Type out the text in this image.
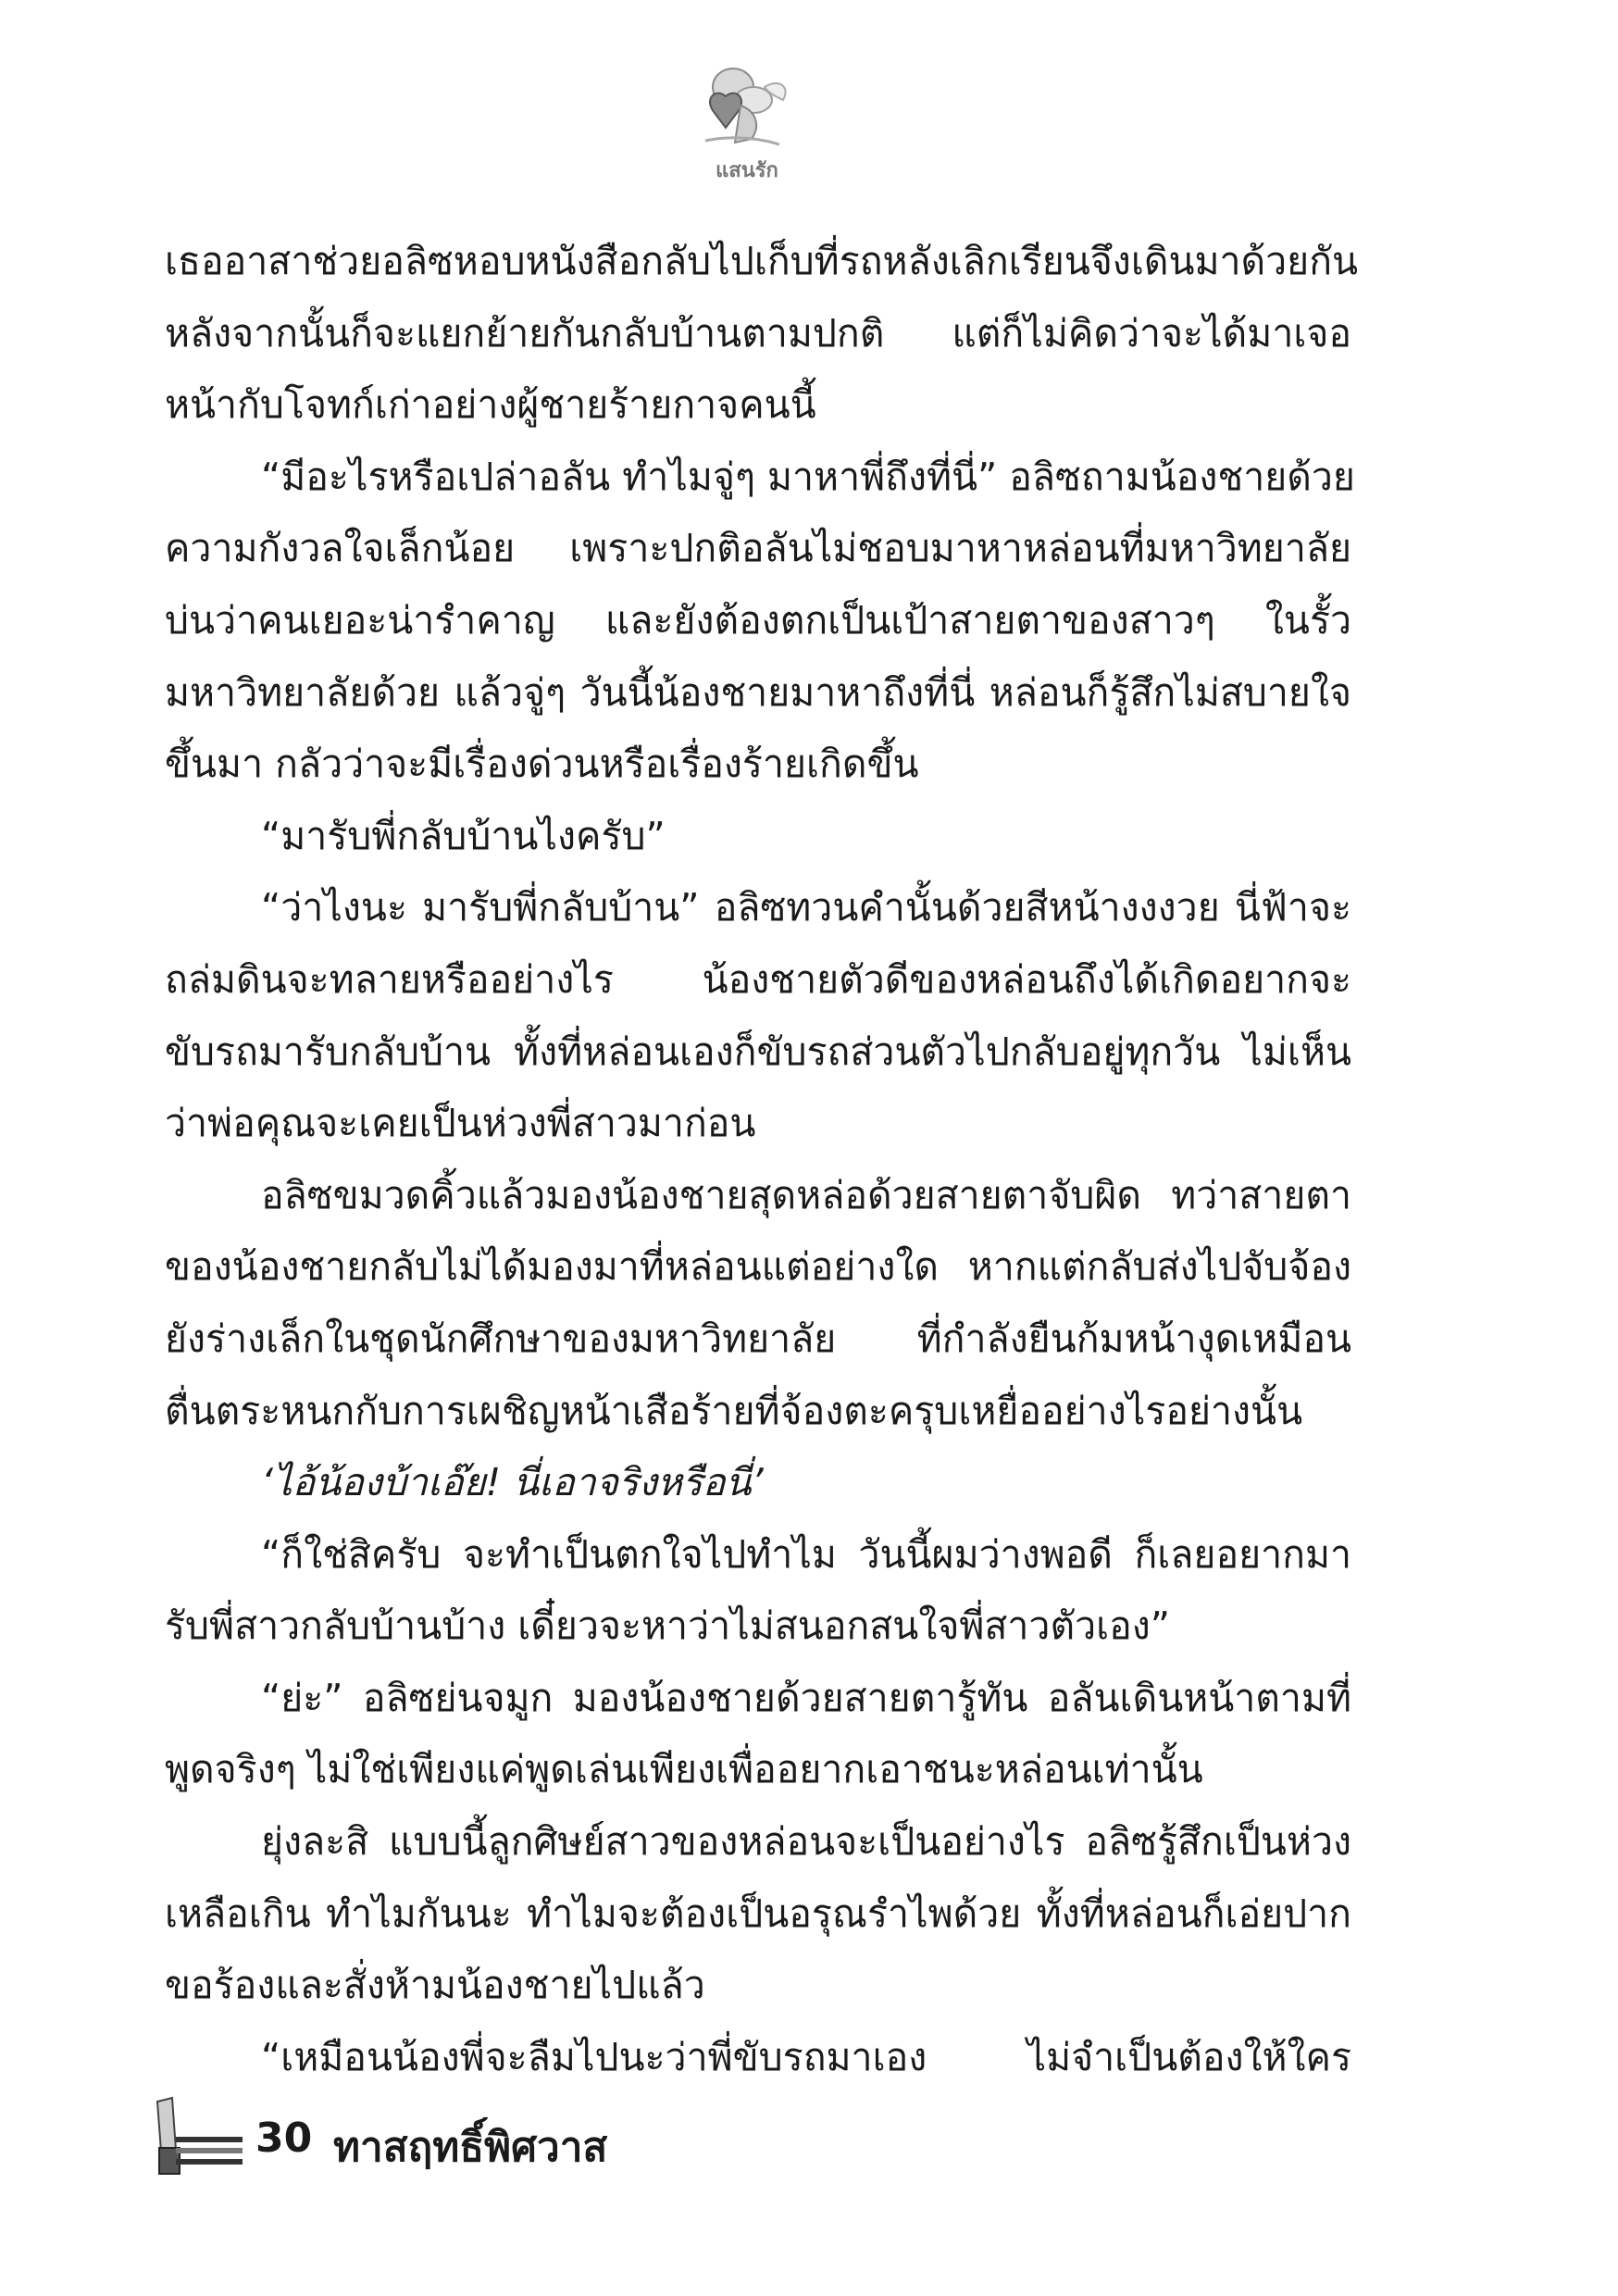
แสนรัก
เธออาสาช่วยอลิซหอบหนังสือกลับไปเก็บที่รถหลังเลิกเรียนจึงเดินมาด้วยกัน
หลังจากนั้นก็จะแยกย้ายกันกลับบ้านตามปกติ แต่ก็ไม่คิดว่าจะได้มาเจอ
หน้ากับโจทก์เก่าอย่างผู้ชายร้ายกาจคนนี้
“มีอะไรหรือเปล่าอลัน ทำไมจู่ๆ มาหาพี่ถึงที่นี่” อลิซถามน้องชายด้วย
ความกังวลใจเล็กน้อย เพราะปกติอลันไม่ชอบมาหาหล่อนที่มหาวิทยาลัย
บ่นว่าคนเยอะน่ารำคาญ และยังต้องตกเป็นเป้าสายตาของสาวๆ ในรั้ว
มหาวิทยาลัยด้วย แล้วจู่ๆ วันนี้น้องชายมาหาถึงที่นี่ หล่อนก็รู้สึกไม่สบายใจ
ขึ้นมา กลัวว่าจะมีเรื่องด่วนหรือเรื่องร้ายเกิดขึ้น
“มารับพี่กลับบ้านไงครับ”
“ว่าไงนะ มารับพี่กลับบ้าน” อลิซทวนคำนั้นด้วยสีหน้างงงวย นี่ฟ้าจะ
ถล่มดินจะทลายหรืออย่างไร น้องชายตัวดีของหล่อนถึงได้เกิดอยากจะ
ขับรถมารับกลับบ้าน ทั้งที่หล่อนเองก็ขับรถส่วนตัวไปกลับอยู่ทุกวัน ไม่เห็น
ว่าพ่อคุณจะเคยเป็นห่วงพี่สาวมาก่อน
อลิซขมวดคิ้วแล้วมองน้องชายสุดหล่อด้วยสายตาจับผิด ทว่าสายตา
ของน้องชายกลับไม่ได้มองมาที่หล่อนแต่อย่างใด หากแต่กลับส่งไปจับจ้อง
ยังร่างเล็กในชุดนักศึกษาของมหาวิทยาลัย ที่กำลังยืนก้มหน้างุดเหมือน
ตื่นตระหนกกับการเผชิญหน้าเสือร้ายที่จ้องตะครุบเหยื่ออย่างไรอย่างนั้น
‘ไอ้น้องบ้าเอ๊ย! นี่เอาจริงหรือนี่’
“ก็ใช่สิครับ จะทำเป็นตกใจไปทำไม วันนี้ผมว่างพอดี ก็เลยอยากมา
รับพี่สาวกลับบ้านบ้าง เดี๋ยวจะหาว่าไม่สนอกสนใจพี่สาวตัวเอง”
“ย่ะ” อลิซย่นจมูก มองน้องชายด้วยสายตารู้ทัน อลันเดินหน้าตามที่
พูดจริงๆ ไม่ใช่เพียงแค่พูดเล่นเพียงเพื่ออยากเอาชนะหล่อนเท่านั้น
ยุ่งละสิ แบบนี้ลูกศิษย์สาวของหล่อนจะเป็นอย่างไร อลิซรู้สึกเป็นห่วง
เหลือเกิน ทำไมกันนะ ทำไมจะต้องเป็นอรุณรำไพด้วย ทั้งที่หล่อนก็เอ่ยปาก
ขอร้องและสั่งห้ามน้องชายไปแล้ว
“เหมือนน้องพี่จะลืมไปนะว่าพี่ขับรถมาเอง ไม่จำเป็นต้องให้ใคร
30 ทาสฤทธิ์พิศวาส
